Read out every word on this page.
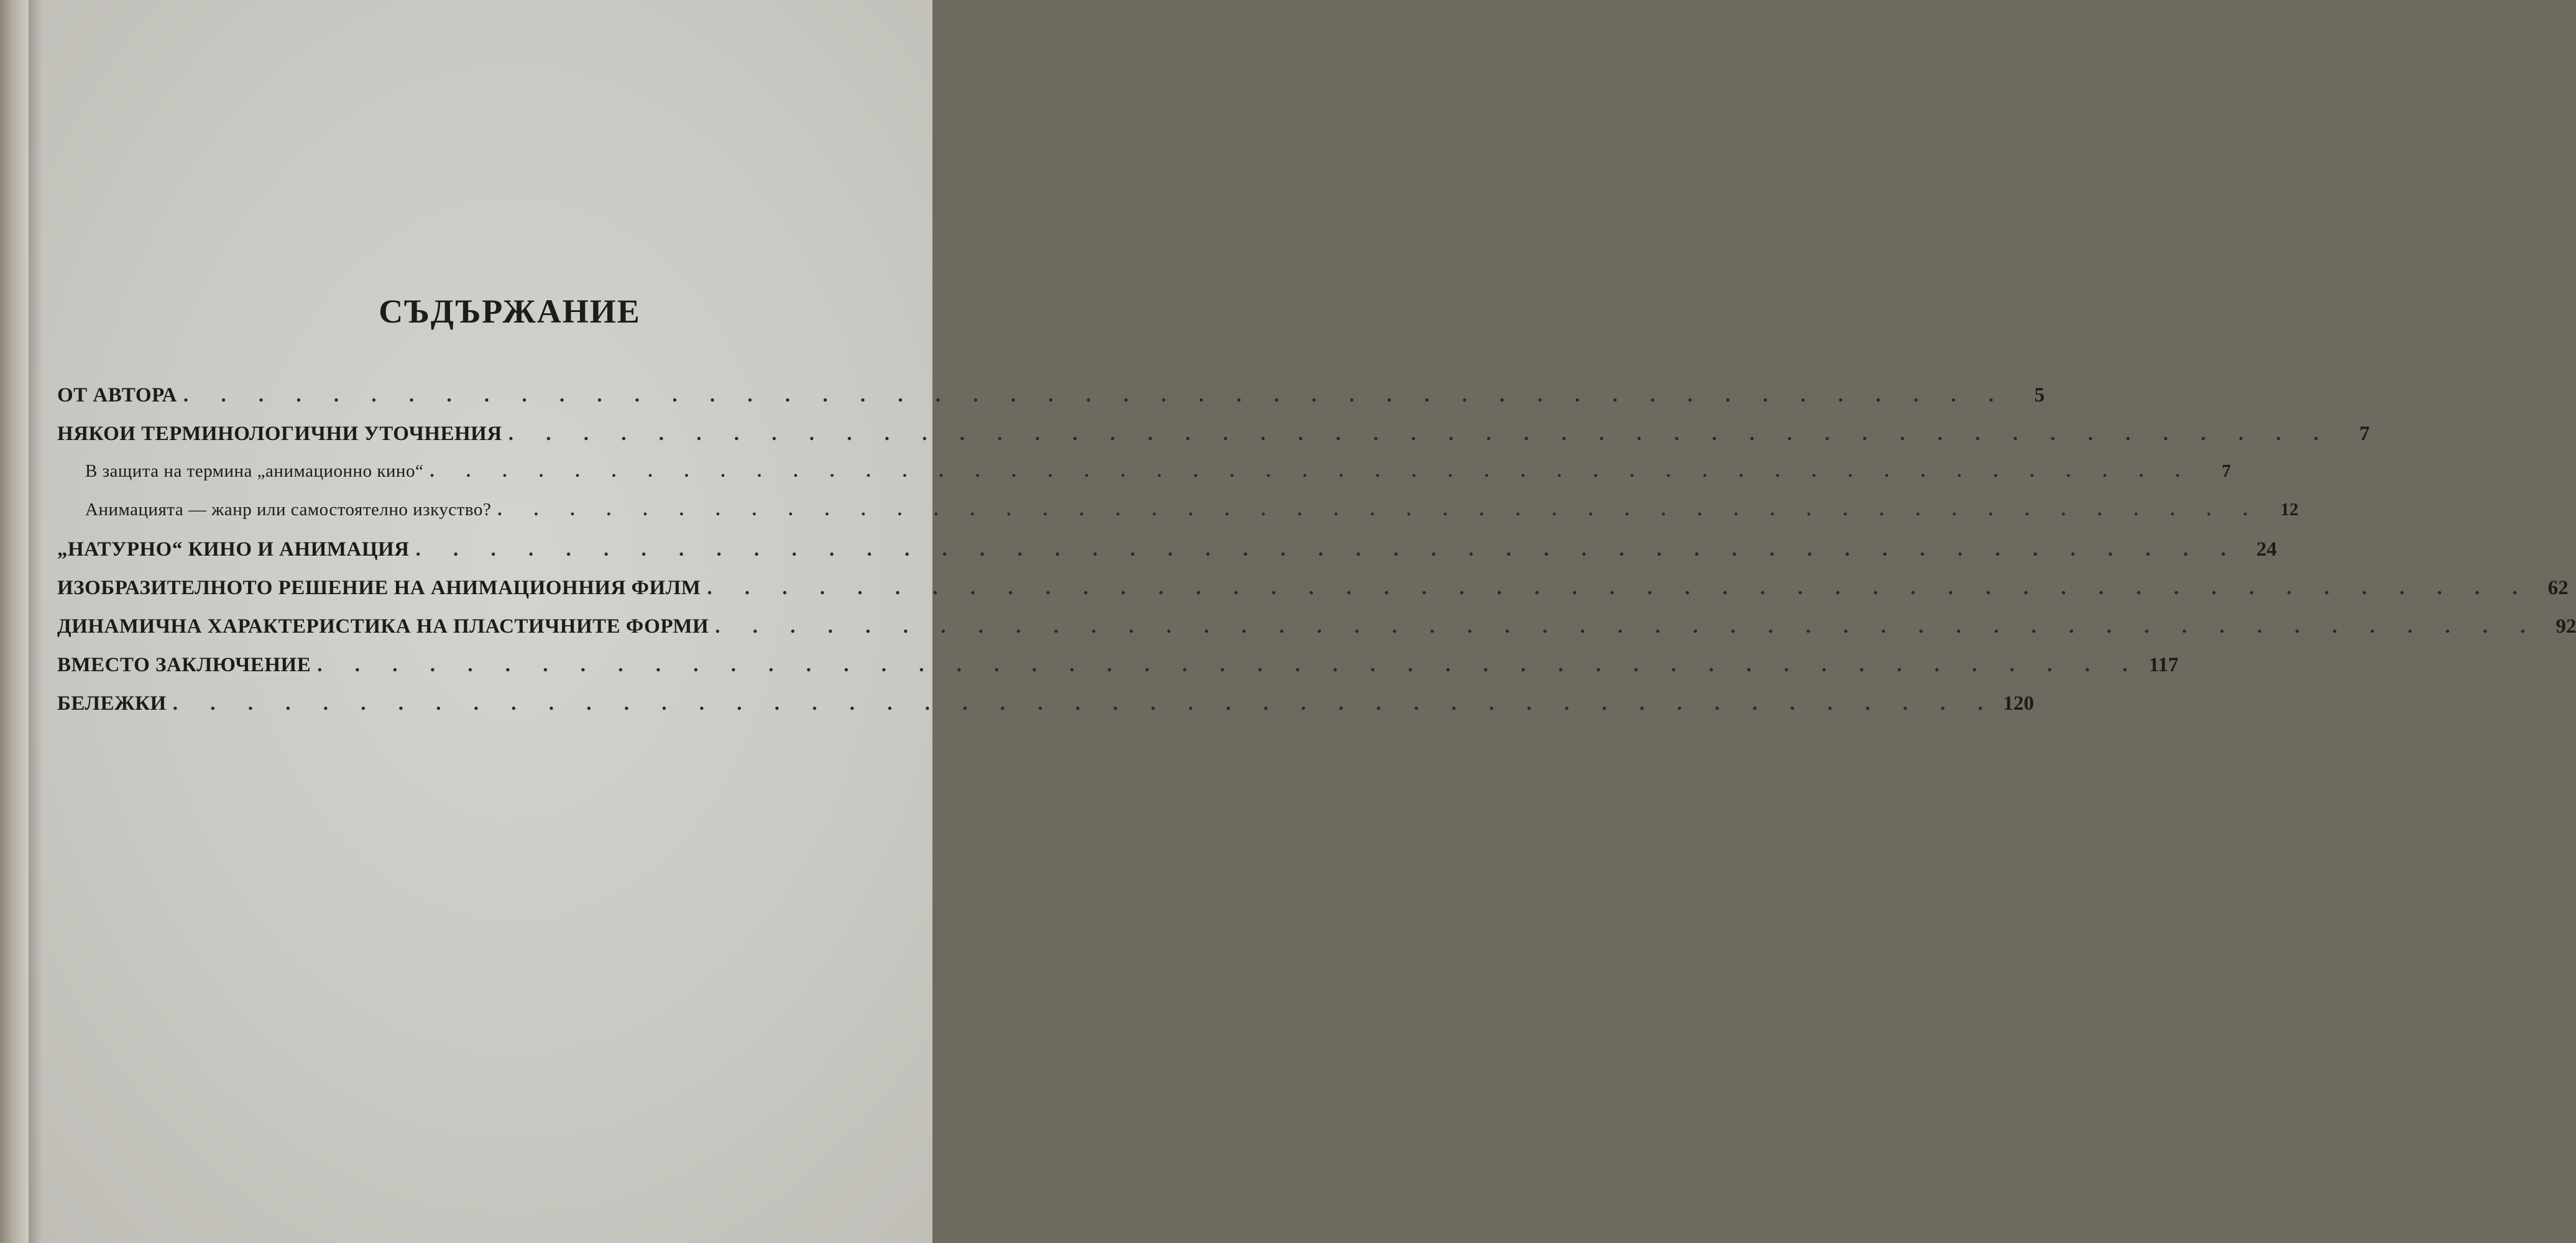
СЪДЪРЖАНИЕ
ОТ АВТОРА . . . . . . . . . . . . . . . . . . . . . . . . . . . . . . . . . . . . . . . . . . . . . . . . .	5
НЯКОИ ТЕРМИНОЛОГИЧНИ УТОЧНЕНИЯ . . . . . . . . . . . . . . . . . . . . . . . . . . . . . . . . . . . . . . . . . . . . . . . . .	7
В защита на термина „анимационно кино“ . . . . . . . . . . . . . . . . . . . . . . . . . . . . . . . . . . . . . . . . . . . . . . . . .	7
Анимацията — жанр или самостоятелно изкуство? . . . . . . . . . . . . . . . . . . . . . . . . . . . . . . . . . . . . . . . . . . . . . . . . .	12
„НАТУРНО“ КИНО И АНИМАЦИЯ . . . . . . . . . . . . . . . . . . . . . . . . . . . . . . . . . . . . . . . . . . . . . . . . . 24
ИЗОБРАЗИТЕЛНОТО РЕШЕНИЕ НА АНИМАЦИОННИЯ ФИЛМ . . . . . . . . . . . . . . . . . . . . . . . . . . . . . . . . . . . . . . . . . . . . . . . . . 62
ДИНАМИЧНА ХАРАКТЕРИСТИКА НА ПЛАСТИЧНИТЕ ФОРМИ . . . . . . . . . . . . . . . . . . . . . . . . . . . . . . . . . . . . . . . . . . . . . . . . . 92
ВМЕСТО ЗАКЛЮЧЕНИЕ . . . . . . . . . . . . . . . . . . . . . . . . . . . . . . . . . . . . . . . . . . . . . . . . . 117
БЕЛЕЖКИ . . . . . . . . . . . . . . . . . . . . . . . . . . . . . . . . . . . . . . . . . . . . . . . . . 120
